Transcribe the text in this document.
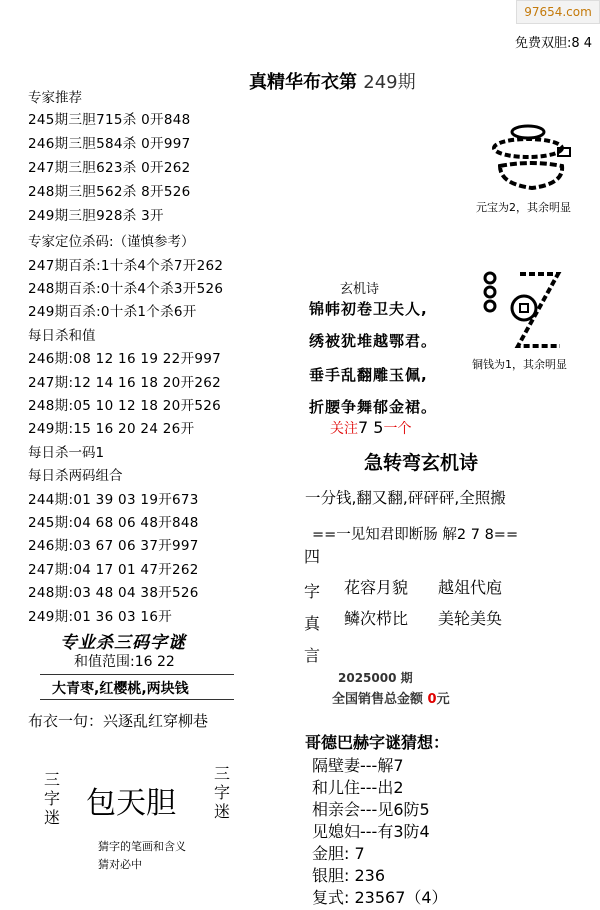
97654.com
免费双胆:8 4
真精华布衣第 249期
专家推荐
245期三胆715杀 0开848
246期三胆584杀 0开997
247期三胆623杀 0开262
248期三胆562杀 8开526
249期三胆928杀 3开
专家定位杀码:（谨慎参考）
247期百杀:1十杀4个杀7开262
248期百杀:0十杀4个杀3开526
249期百杀:0十杀1个杀6开
每日杀和值
246期:08 12 16 19 22开997
247期:12 14 16 18 20开262
248期:05 10 12 18 20开526
249期:15 16 20 24 26开
每日杀一码1
每日杀两码组合
244期:01 39 03 19开673
245期:04 68 06 48开848
246期:03 67 06 37开997
247期:04 17 01 47开262
248期:03 48 04 38开526
249期:01 36 03 16开
专业杀三码字谜
和值范围:16 22
大青枣,红樱桃,两块钱
布衣一句：兴逐乱红穿柳巷
三字迷 包天胆
三字迷
猜字的笔画和含义
猜对必中
元宝为2，其余明显
铜钱为1，其余明显
玄机诗
锦帏初卷卫夫人,
绣被犹堆越鄂君。
垂手乱翻雕玉佩,
折腰争舞郁金裙。
关注7 5一个
急转弯玄机诗
一分钱,翻又翻,砰砰砰,全照搬
==一见知君即断肠 解2 7 8==
四
字
真
言
花容月貌 越俎代庖
鳞次栉比 美轮美奂
2025000 期
全国销售总金额 0元
哥德巴赫字谜猜想：
隔壁妻---解7
和儿住---出2
相亲会---见6防5
见媳妇---有3防4
金胆: 7
银胆: 236
复式: 23567（4）
